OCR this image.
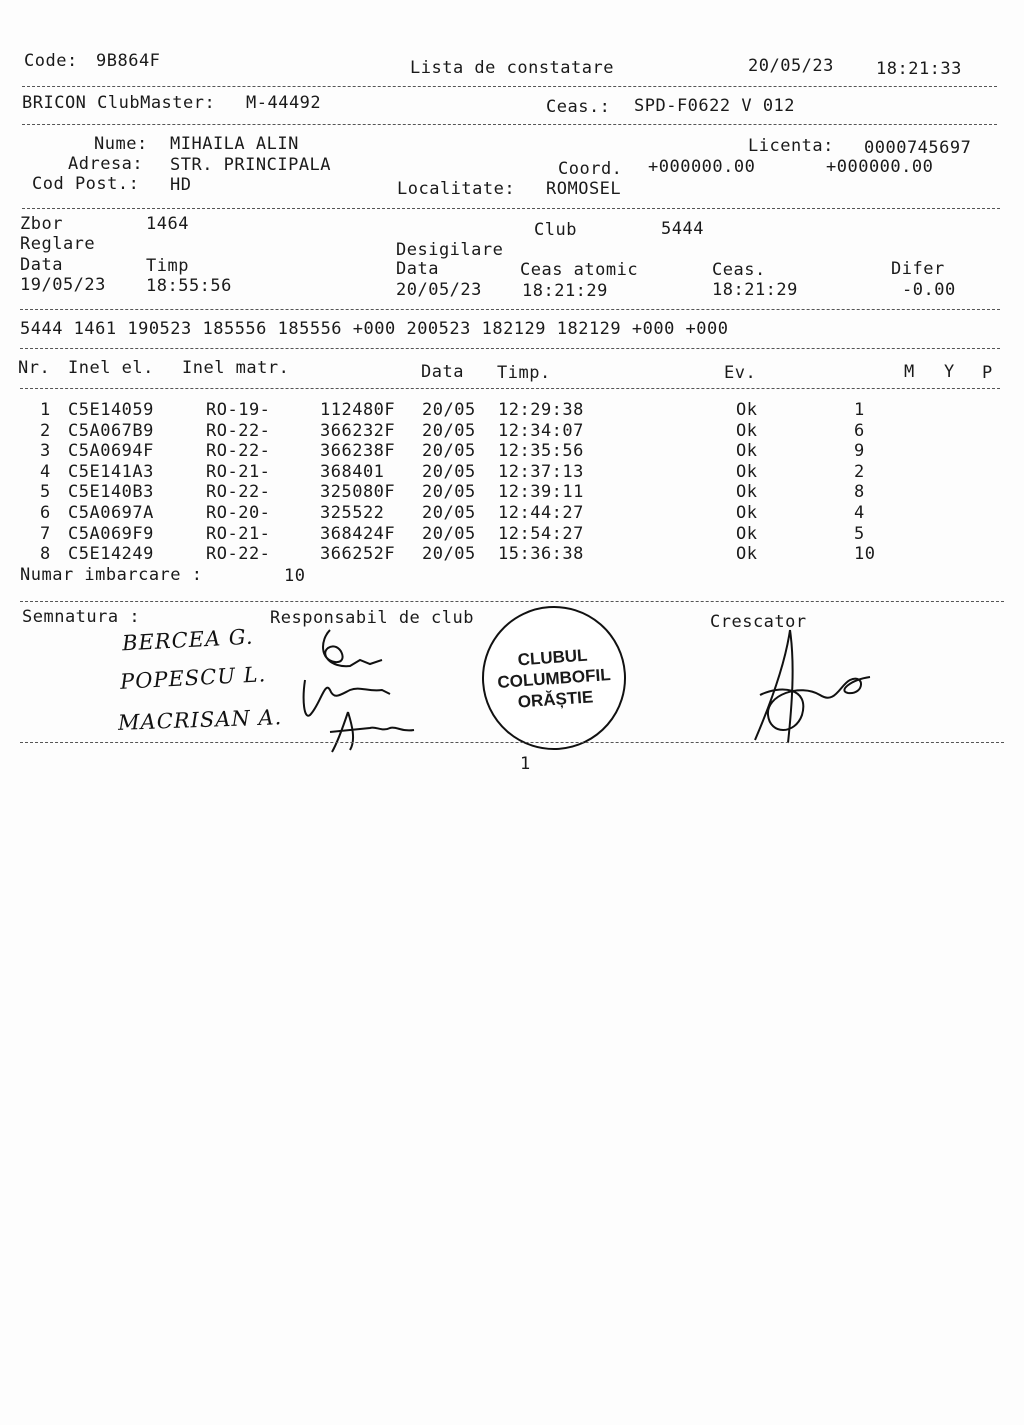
Code: 9B864F	Lista de constatare	20/05/23 18:21:33
BRICON ClubMaster: M-44492	Ceas.: SPD-F0622 V 012
Nume: MIHAILA ALIN	Licenta: 0000745697
Adresa: STR. PRINCIPALA	Coord. +000000.00	+000000.00
Cod Post.: HD	Localitate: ROMOSEL
Zbor	1464	Club	5444
Reglare	Desigilare
Data	Timp	Data	Ceas atomic	Ceas.	Difer
19/05/23 18:55:56	20/05/23 18:21:29	18:21:29	-0.00
5444 1461 190523 185556 185556 +000 200523 182129 182129 +000 +000
Nr. Inel el. Inel matr.	Data Timp.	Ev.	M Y P
1 C5E14059	RO-19-	112480F 20/05 12:29:38	Ok	1
2 C5A067B9	RO-22-	366232F 20/05 12:34:07	Ok	6
3 C5A0694F	RO-22-	366238F 20/05 12:35:56	Ok	9
4 C5E141A3	RO-21-	368401 20/05 12:37:13	Ok	2
5 C5E140B3	RO-22-	325080F 20/05 12:39:11	Ok	8
6 C5A0697A	RO-20-	325522 20/05 12:44:27	Ok	4
7 C5A069F9	RO-21-	368424F 20/05 12:54:27	Ok	5
8 C5E14249	RO-22-	366252F 20/05 15:36:38	Ok	10
Numar imbarcare :	10
Semnatura :	Responsabil de club	Crescator
BERCEA G.
POPESCU L.
MACRISAN A.
CLUBUL
COLUMBOFIL
ORĂȘTIE
1
